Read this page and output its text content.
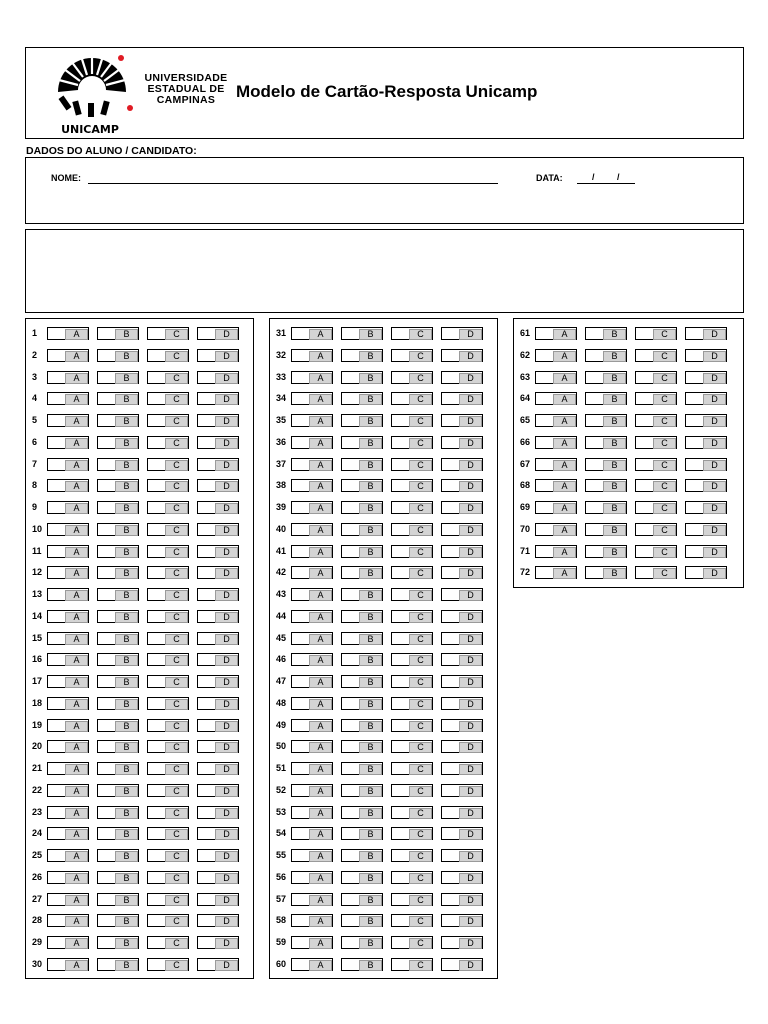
UNICAMP
UNIVERSIDADE
ESTADUAL DE
CAMPINAS	Modelo de Cartão-Resposta Unicamp
DADOS DO ALUNO / CANDIDATO:
NOME:	DATA:	/ /
1	A	B	C	D
2	A	B	C	D
3	A	B	C	D
4	A	B	C	D
5	A	B	C	D
6	A	B	C	D
7	A	B	C	D
8	A	B	C	D
9	A	B	C	D
10	A	B	C	D
11	A	B	C	D
12	A	B	C	D
13	A	B	C	D
14	A	B	C	D
15	A	B	C	D
16	A	B	C	D
17	A	B	C	D
18	A	B	C	D
19	A	B	C	D
20	A	B	C	D
21	A	B	C	D
22	A	B	C	D
23	A	B	C	D
24	A	B	C	D
25	A	B	C	D
26	A	B	C	D
27	A	B	C	D
28	A	B	C	D
29	A	B	C	D
30	A	B	C	D
31	A	B	C	D
32	A	B	C	D
33	A	B	C	D
34	A	B	C	D
35	A	B	C	D
36	A	B	C	D
37	A	B	C	D
38	A	B	C	D
39	A	B	C	D
40	A	B	C	D
41	A	B	C	D
42	A	B	C	D
43	A	B	C	D
44	A	B	C	D
45	A	B	C	D
46	A	B	C	D
47	A	B	C	D
48	A	B	C	D
49	A	B	C	D
50	A	B	C	D
51	A	B	C	D
52	A	B	C	D
53	A	B	C	D
54	A	B	C	D
55	A	B	C	D
56	A	B	C	D
57	A	B	C	D
58	A	B	C	D
59	A	B	C	D
60	A	B	C	D
61	A	B	C	D
62	A	B	C	D
63	A	B	C	D
64	A	B	C	D
65	A	B	C	D
66	A	B	C	D
67	A	B	C	D
68	A	B	C	D
69	A	B	C	D
70	A	B	C	D
71	A	B	C	D
72	A	B	C	D
